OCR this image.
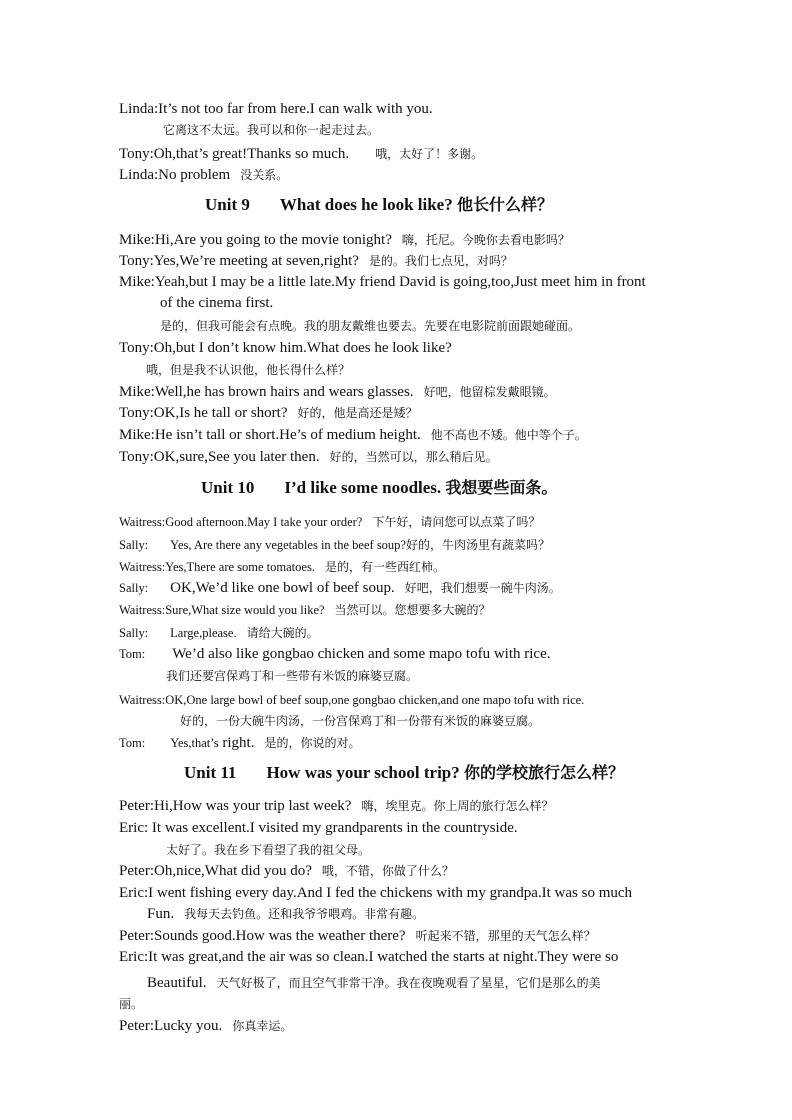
Linda:It’s not too far from here.I can walk with you.
它离这不太远。我可以和你一起走过去。
Tony:Oh,that’s great!Thanks so much. 哦，太好了！多谢。
Linda:No problem 没关系。
Unit 9 What does he look like? 他长什么样？
Mike:Hi,Are you going to the movie tonight? 嗨，托尼。今晚你去看电影吗？
Tony:Yes,We’re meeting at seven,right? 是的。我们七点见，对吗？
Mike:Yeah,but I may be a little late.My friend David is going,too,Just meet him in front
of the cinema first.
是的，但我可能会有点晚。我的朋友戴维也要去。先要在电影院前面跟她碰面。
Tony:Oh,but I don’t know him.What does he look like?
哦，但是我不认识他，他长得什么样？
Mike:Well,he has brown hairs and wears glasses. 好吧，他留棕发戴眼镜。
Tony:OK,Is he tall or short? 好的，他是高还是矮？
Mike:He isn’t tall or short.He’s of medium height. 他不高也不矮。他中等个子。
Tony:OK,sure,See you later then. 好的，当然可以，那么稍后见。
Unit 10 I’d like some noodles. 我想要些面条。
Waitress:Good afternoon.May I take your order? 下午好，请问您可以点菜了吗？
Sally: Yes, Are there any vegetables in the beef soup?好的，牛肉汤里有蔬菜吗？
Waitress:Yes,There are some tomatoes. 是的，有一些西红柿。
Sally: OK,We’d like one bowl of beef soup. 好吧，我们想要一碗牛肉汤。
Waitress:Sure,What size would you like? 当然可以。您想要多大碗的？
Sally: Large,please. 请给大碗的。
Tom: We’d also like gongbao chicken and some mapo tofu with rice.
我们还要宫保鸡丁和一些带有米饭的麻婆豆腐。
Waitress:OK,One large bowl of beef soup,one gongbao chicken,and one mapo tofu with rice.
好的，一份大碗牛肉汤，一份宫保鸡丁和一份带有米饭的麻婆豆腐。
Tom: Yes,that’s right. 是的，你说的对。
Unit 11 How was your school trip? 你的学校旅行怎么样？
Peter:Hi,How was your trip last week? 嗨，埃里克。你上周的旅行怎么样？
Eric: It was excellent.I visited my grandparents in the countryside.
太好了。我在乡下看望了我的祖父母。
Peter:Oh,nice,What did you do? 哦，不错，你做了什么？
Eric:I went fishing every day.And I fed the chickens with my grandpa.It was so much
Fun. 我每天去钓鱼。还和我爷爷喂鸡。非常有趣。
Peter:Sounds good.How was the weather there? 听起来不错，那里的天气怎么样？
Eric:It was great,and the air was so clean.I watched the starts at night.They were so
Beautiful. 天气好极了，而且空气非常干净。我在夜晚观看了星星，它们是那么的美
丽。
Peter:Lucky you. 你真幸运。
